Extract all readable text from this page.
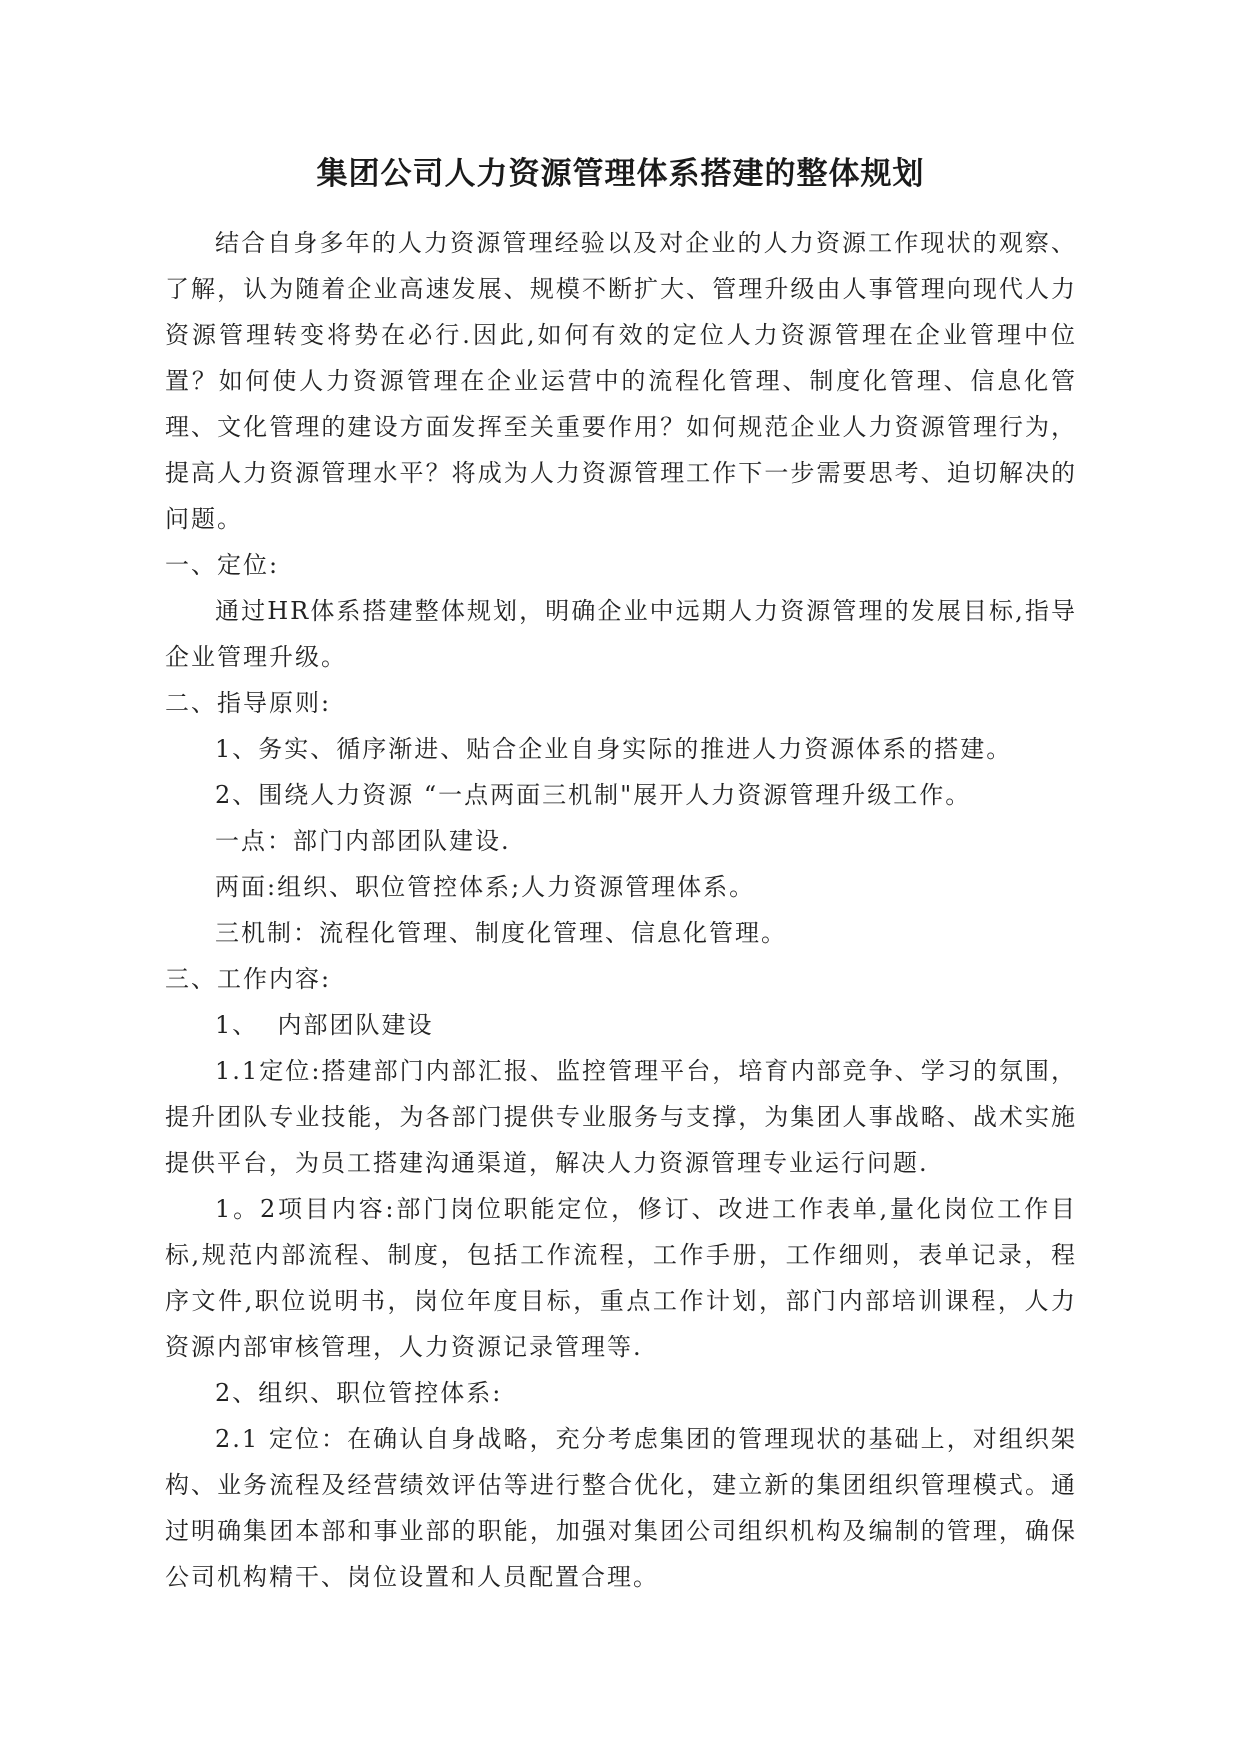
集团公司人力资源管理体系搭建的整体规划

结合自身多年的人力资源管理经验以及对企业的人力资源工作现状的观察、了解，认为随着企业高速发展、规模不断扩大、管理升级由人事管理向现代人力资源管理转变将势在必行.因此,如何有效的定位人力资源管理在企业管理中位置？如何使人力资源管理在企业运营中的流程化管理、制度化管理、信息化管理、文化管理的建设方面发挥至关重要作用？如何规范企业人力资源管理行为，提高人力资源管理水平？将成为人力资源管理工作下一步需要思考、迫切解决的问题。

一、定位:

通过HR体系搭建整体规划，明确企业中远期人力资源管理的发展目标,指导企业管理升级。

二、指导原则:

1、务实、循序渐进、贴合企业自身实际的推进人力资源体系的搭建。

2、围绕人力资源 “一点两面三机制"展开人力资源管理升级工作。

一点：部门内部团队建设.

两面:组织、职位管控体系;人力资源管理体系。

三机制：流程化管理、制度化管理、信息化管理。

三、工作内容:

1、  内部团队建设

1.1定位:搭建部门内部汇报、监控管理平台，培育内部竞争、学习的氛围，提升团队专业技能，为各部门提供专业服务与支撑，为集团人事战略、战术实施提供平台，为员工搭建沟通渠道，解决人力资源管理专业运行问题.

1。2项目内容:部门岗位职能定位，修订、改进工作表单,量化岗位工作目标,规范内部流程、制度，包括工作流程，工作手册，工作细则，表单记录，程序文件,职位说明书，岗位年度目标，重点工作计划，部门内部培训课程，人力资源内部审核管理，人力资源记录管理等.

2、组织、职位管控体系:

2.1 定位：在确认自身战略，充分考虑集团的管理现状的基础上，对组织架构、业务流程及经营绩效评估等进行整合优化，建立新的集团组织管理模式。通过明确集团本部和事业部的职能，加强对集团公司组织机构及编制的管理，确保公司机构精干、岗位设置和人员配置合理。
